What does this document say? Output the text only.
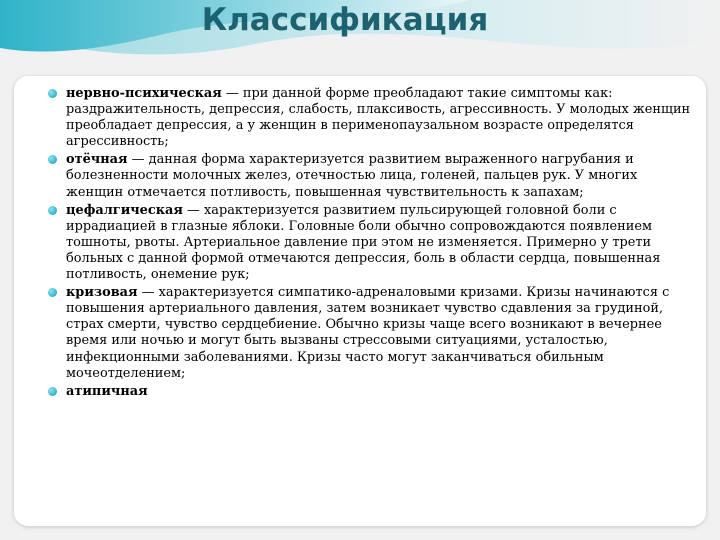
Классификация
нервно-психическая — при данной форме преобладают такие симптомы как: раздражительность, депрессия, слабость, плаксивость, агрессивность. У молодых женщин преобладает депрессия, а у женщин в перименопаузальном возрасте определятся агрессивность;
отёчная — данная форма характеризуется развитием выраженного нагрубания и болезненности молочных желез, отечностью лица, голеней, пальцев рук. У многих женщин отмечается потливость, повышенная чувствительность к запахам;
цефалгическая — характеризуется развитием пульсирующей головной боли с иррадиацией в глазные яблоки. Головные боли обычно сопровождаются появлением тошноты, рвоты. Артериальное давление при этом не изменяется. Примерно у трети больных с данной формой отмечаются депрессия, боль в области сердца, повышенная потливость, онемение рук;
кризовая — характеризуется симпатико-адреналовыми кризами. Кризы начинаются с повышения артериального давления, затем возникает чувство сдавления за грудиной, страх смерти, чувство сердцебиение. Обычно кризы чаще всего возникают в вечернее время или ночью и могут быть вызваны стрессовыми ситуациями, усталостью, инфекционными заболеваниями. Кризы часто могут заканчиваться обильным мочеотделением;
атипичная
